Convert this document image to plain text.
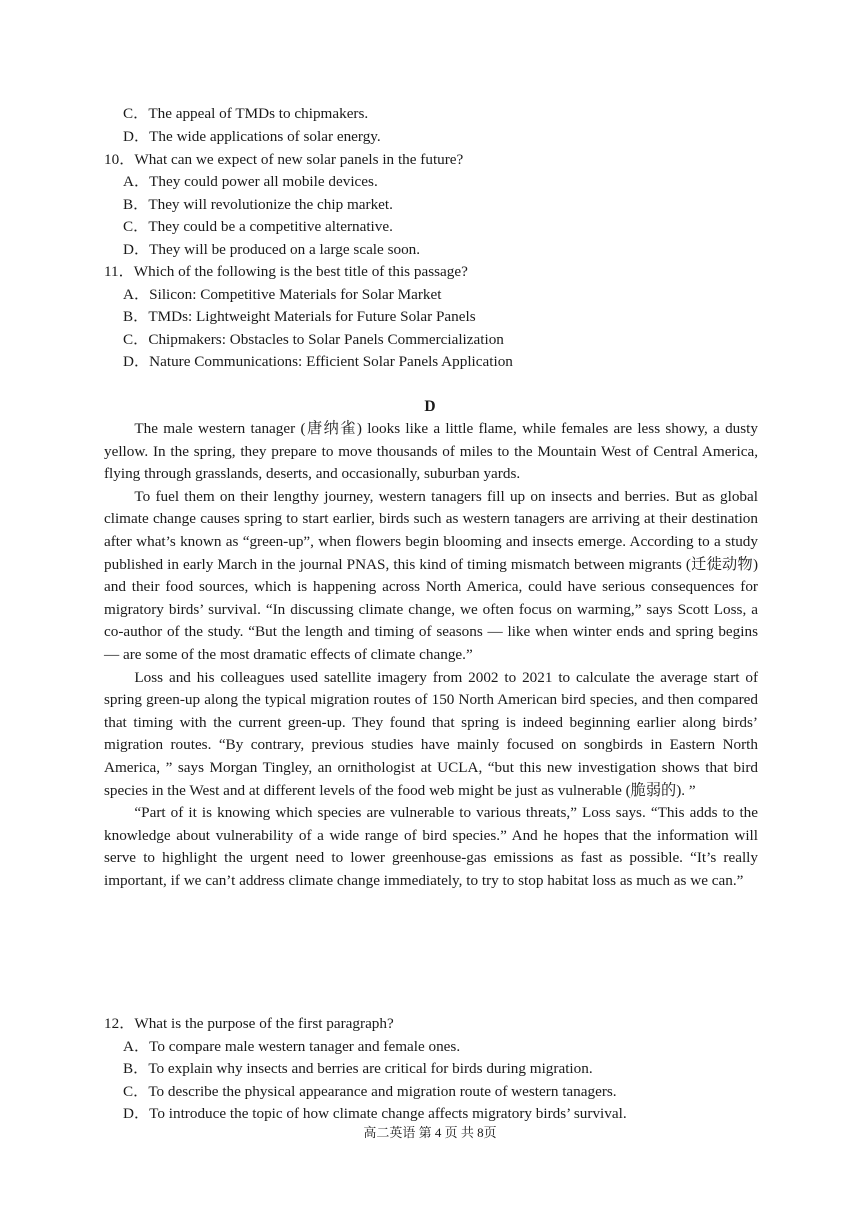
C．The appeal of TMDs to chipmakers.
D．The wide applications of solar energy.
10．What can we expect of new solar panels in the future?
A．They could power all mobile devices.
B．They will revolutionize the chip market.
C．They could be a competitive alternative.
D．They will be produced on a large scale soon.
11．Which of the following is the best title of this passage?
A．Silicon: Competitive Materials for Solar Market
B．TMDs: Lightweight Materials for Future Solar Panels
C．Chipmakers: Obstacles to Solar Panels Commercialization
D．Nature Communications: Efficient Solar Panels Application
D

The male western tanager (唐纳雀) looks like a little flame, while females are less showy, a dusty yellow. In the spring, they prepare to move thousands of miles to the Mountain West of Central America, flying through grasslands, deserts, and occasionally, suburban yards.

To fuel them on their lengthy journey, western tanagers fill up on insects and berries. But as global climate change causes spring to start earlier, birds such as western tanagers are arriving at their destination after what’s known as “green-up”, when flowers begin blooming and insects emerge. According to a study published in early March in the journal PNAS, this kind of timing mismatch between migrants (迁徙动物) and their food sources, which is happening across North America, could have serious consequences for migratory birds’ survival. “In discussing climate change, we often focus on warming,” says Scott Loss, a co-author of the study. “But the length and timing of seasons — like when winter ends and spring begins — are some of the most dramatic effects of climate change.”

Loss and his colleagues used satellite imagery from 2002 to 2021 to calculate the average start of spring green-up along the typical migration routes of 150 North American bird species, and then compared that timing with the current green-up. They found that spring is indeed beginning earlier along birds’ migration routes. “By contrary, previous studies have mainly focused on songbirds in Eastern North America, ” says Morgan Tingley, an ornithologist at UCLA, “but this new investigation shows that bird species in the West and at different levels of the food web might be just as vulnerable (脆弱的). ”

“Part of it is knowing which species are vulnerable to various threats,” Loss says. “This adds to the knowledge about vulnerability of a wide range of bird species.” And he hopes that the information will serve to highlight the urgent need to lower greenhouse-gas emissions as fast as possible. “It’s really important, if we can’t address climate change immediately, to try to stop habitat loss as much as we can.”

12．What is the purpose of the first paragraph?
A．To compare male western tanager and female ones.
B．To explain why insects and berries are critical for birds during migration.
C．To describe the physical appearance and migration route of western tanagers.
D．To introduce the topic of how climate change affects migratory birds’ survival.
高二英语 第 4 页 共 8页
